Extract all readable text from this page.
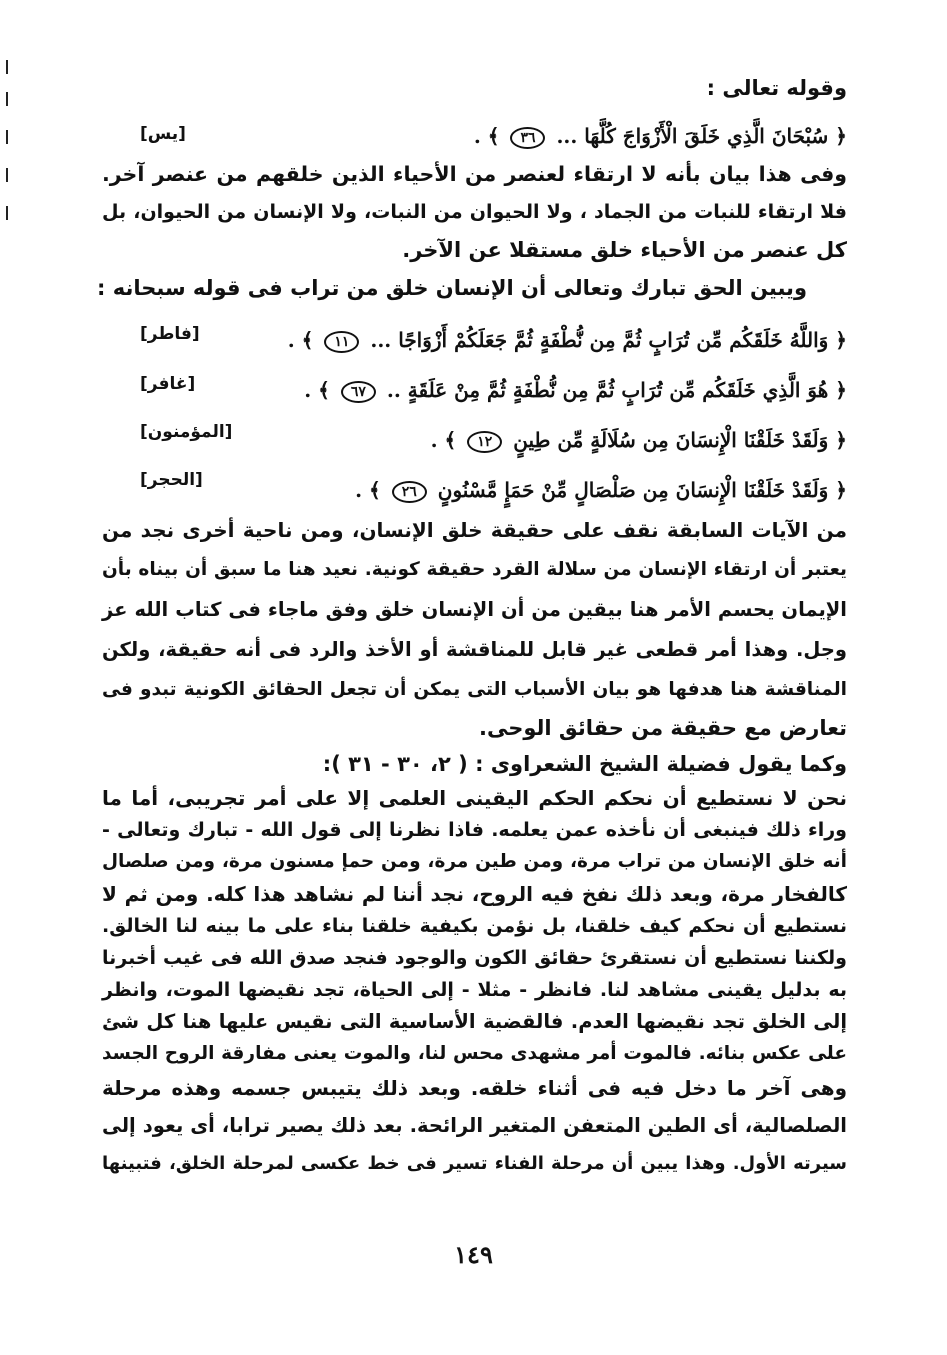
وقوله تعالى :
﴿ سُبْحَانَ الَّذِي خَلَقَ الْأَزْوَاجَ كُلَّهَا ... ٣٦ ﴾ .
[يس]
وفى هذا بيان بأنه لا ارتقاء لعنصر من الأحياء الذين خلقهم من عنصر آخر.
فلا ارتقاء للنبات من الجماد ، ولا الحيوان من النبات، ولا الإنسان من الحيوان، بل
كل عنصر من الأحياء خلق مستقلا عن الآخر.
ويبين الحق تبارك وتعالى أن الإنسان خلق من تراب فى قوله سبحانه :
﴿ وَاللَّهُ خَلَقَكُم مِّن تُرَابٍ ثُمَّ مِن نُّطْفَةٍ ثُمَّ جَعَلَكُمْ أَزْوَاجًا ... ١١ ﴾ .
[فاطر]
﴿ هُوَ الَّذِي خَلَقَكُم مِّن تُرَابٍ ثُمَّ مِن نُّطْفَةٍ ثُمَّ مِنْ عَلَقَةٍ .. ٦٧ ﴾ .
[غافر]
﴿ وَلَقَدْ خَلَقْنَا الْإِنسَانَ مِن سُلَالَةٍ مِّن طِينٍ ١٢ ﴾ .
[المؤمنون]
﴿ وَلَقَدْ خَلَقْنَا الْإِنسَانَ مِن صَلْصَالٍ مِّنْ حَمَإٍ مَّسْنُونٍ ٢٦ ﴾ .
[الحجر]
من الآيات السابقة نقف على حقيقة خلق الإنسان، ومن ناحية أخرى نجد من
يعتبر أن ارتقاء الإنسان من سلالة القرد حقيقة كونية. نعيد هنا ما سبق أن بيناه بأن
الإيمان يحسم الأمر هنا بيقين من أن الإنسان خلق وفق ماجاء فى كتاب الله عز
وجل. وهذا أمر قطعى غير قابل للمناقشة أو الأخذ والرد فى أنه حقيقة، ولكن
المناقشة هنا هدفها هو بيان الأسباب التى يمكن أن تجعل الحقائق الكونية تبدو فى
تعارض مع حقيقة من حقائق الوحى.
وكما يقول فضيلة الشيخ الشعراوى : ( ٢، ٣٠ - ٣١ ):
نحن لا نستطيع أن نحكم الحكم اليقينى العلمى إلا على أمر تجريبى، أما ما
وراء ذلك فينبغى أن نأخذه عمن يعلمه. فاذا نظرنا إلى قول الله - تبارك وتعالى -
أنه خلق الإنسان من تراب مرة، ومن طين مرة، ومن حمإ مسنون مرة، ومن صلصال
كالفخار مرة، وبعد ذلك نفخ فيه الروح، نجد أننا لم نشاهد هذا كله. ومن ثم لا
نستطيع أن نحكم كيف خلقنا، بل نؤمن بكيفية خلقنا بناء على ما بينه لنا الخالق.
ولكننا نستطيع أن نستقرئ حقائق الكون والوجود فنجد صدق الله فى غيب أخبرنا
به بدليل يقينى مشاهد لنا. فانظر - مثلا - إلى الحياة، تجد نقيضها الموت، وانظر
إلى الخلق تجد نقيضها العدم. فالقضية الأساسية التى نقيس عليها هنا كل شئ
على عكس بنائه. فالموت أمر مشهدى محس لنا، والموت يعنى مفارقة الروح الجسد
وهى آخر ما دخل فيه فى أثناء خلقه. وبعد ذلك يتيبس جسمه وهذه مرحلة
الصلصالية، أى الطين المتعفن المتغير الرائحة. بعد ذلك يصير ترابا، أى يعود إلى
سيرته الأول. وهذا يبين أن مرحلة الفناء تسير فى خط عكسى لمرحلة الخلق، فتبينها
١٤٩
